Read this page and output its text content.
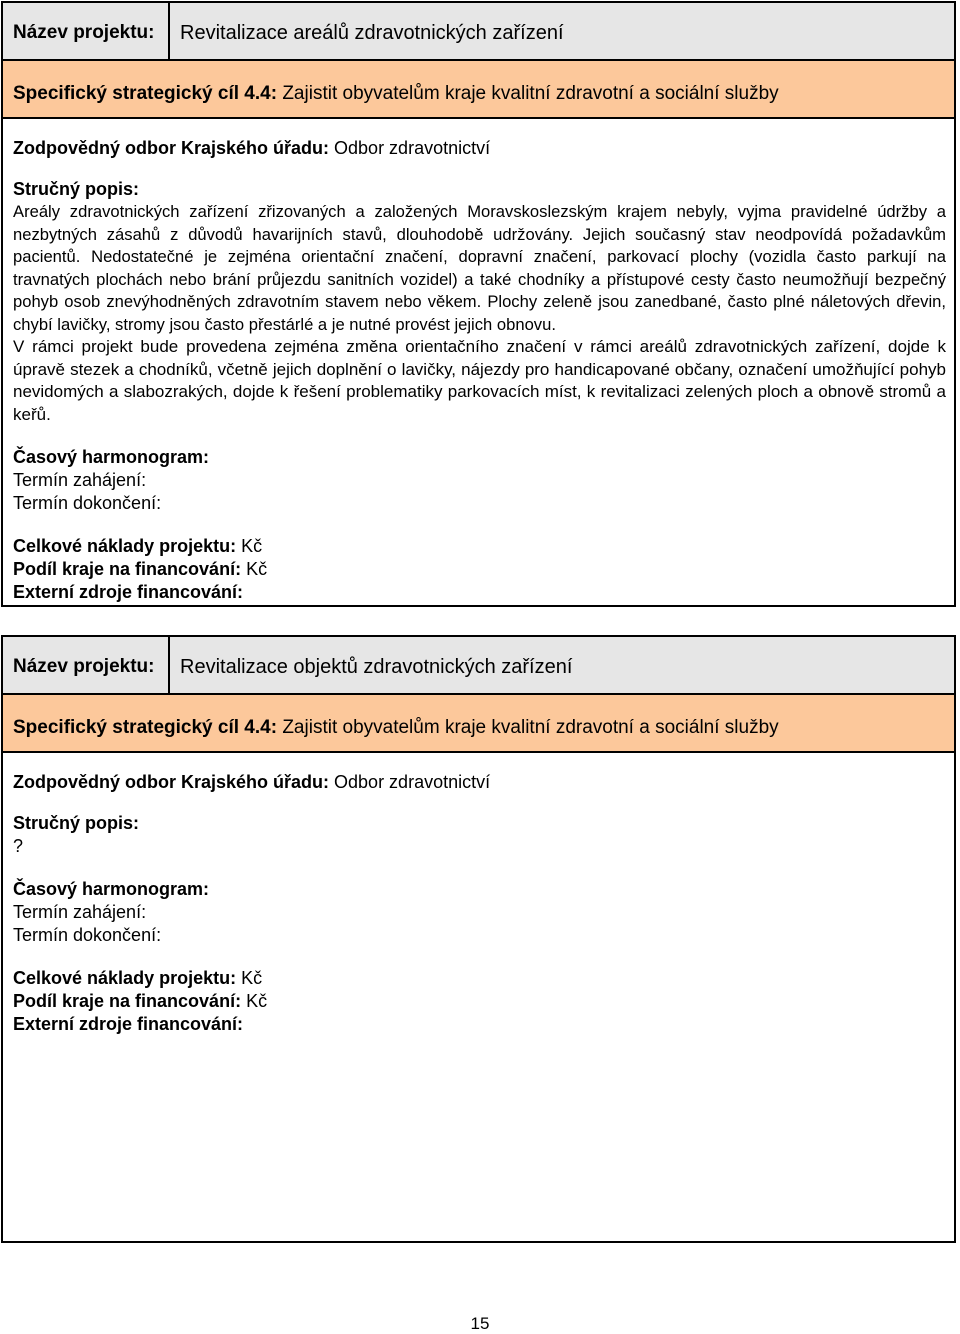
Název projektu:	Revitalizace areálů zdravotnických zařízení
Specifický strategický cíl 4.4: Zajistit obyvatelům kraje kvalitní zdravotní a sociální služby
Zodpovědný odbor Krajského úřadu: Odbor zdravotnictví
Stručný popis:

Areály zdravotnických zařízení zřizovaných a založených Moravskoslezským krajem nebyly, vyjma pravidelné údržby a nezbytných zásahů z důvodů havarijních stavů, dlouhodobě udržovány. Jejich současný stav neodpovídá požadavkům pacientů. Nedostatečné je zejména orientační značení, dopravní značení, parkovací plochy (vozidla často parkují na travnatých plochách nebo brání průjezdu sanitních vozidel) a také chodníky a přístupové cesty často neumožňují bezpečný pohyb osob znevýhodněných zdravotním stavem nebo věkem. Plochy zeleně jsou zanedbané, často plné náletových dřevin, chybí lavičky, stromy jsou často přestárlé a je nutné provést jejich obnovu.

V rámci projekt bude provedena zejména změna orientačního značení v rámci areálů zdravotnických zařízení, dojde k úpravě stezek a chodníků, včetně jejich doplnění o lavičky, nájezdy pro handicapované občany, označení umožňující pohyb nevidomých a slabozrakých, dojde k řešení problematiky parkovacích míst, k revitalizaci zelených ploch a obnově stromů a keřů.

Časový harmonogram:
Termín zahájení:
Termín dokončení:
Celkové náklady projektu: Kč
Podíl kraje na financování: Kč
Externí zdroje financování:
Název projektu:	Revitalizace objektů zdravotnických zařízení
Specifický strategický cíl 4.4: Zajistit obyvatelům kraje kvalitní zdravotní a sociální služby
Zodpovědný odbor Krajského úřadu: Odbor zdravotnictví
Stručný popis:
?
Časový harmonogram:
Termín zahájení:
Termín dokončení:
Celkové náklady projektu: Kč
Podíl kraje na financování: Kč
Externí zdroje financování:
15
